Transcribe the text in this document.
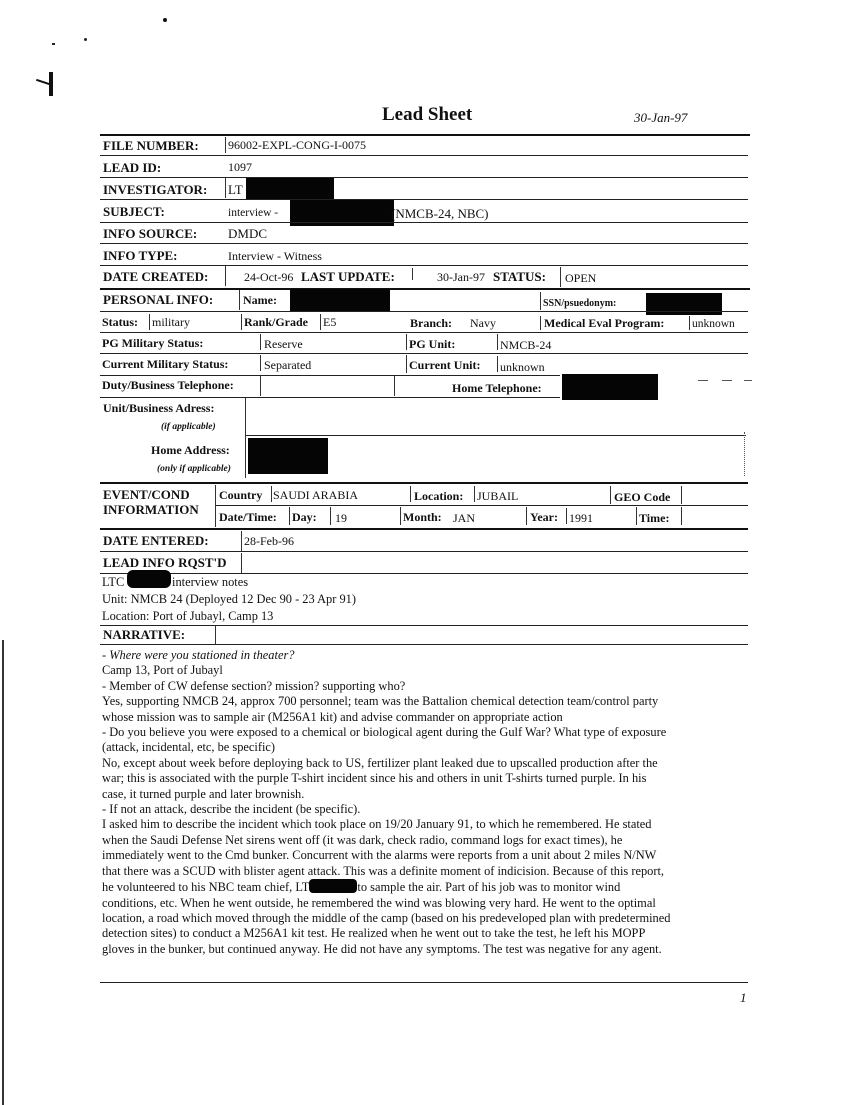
Lead Sheet	30-Jan-97
FILE NUMBER: 96002-EXPL-CONG-I-0075
LEAD ID:	1097
INVESTIGATOR: LT
SUBJECT:	interview -	(NMCB-24, NBC)
INFO SOURCE: DMDC
INFO TYPE:	Interview - Witness
DATE CREATED:	24-Oct-96 LAST UPDATE:	30-Jan-97 STATUS: OPEN
PERSONAL INFO: Name:	SSN/psuedonym:
Status: military	Rank/Grade E5	Branch: Navy	Medical Eval Program: unknown
PG Military Status:	Reserve	PG Unit:	NMCB-24
Current Military Status:	Separated	Current Unit: unknown
Duty/Business Telephone:	Home Telephone:
Unit/Business Adress:
(if applicable)
Home Address:
(only if applicable)
EVENT/COND
INFORMATION
Country SAUDI ARABIA	Location: JUBAIL	GEO Code
Date/Time: Day: 19	Month: JAN	Year: 1991	Time:
DATE ENTERED:	28-Feb-96
LEAD INFO RQST'D
LTC	interview notes
Unit: NMCB 24 (Deployed 12 Dec 90 - 23 Apr 91)
Location: Port of Jubayl, Camp 13
NARRATIVE:
- Where were you stationed in theater?
Camp 13, Port of Jubayl
- Member of CW defense section? mission? supporting who?
Yes, supporting NMCB 24, approx 700 personnel; team was the Battalion chemical detection team/control party
whose mission was to sample air (M256A1 kit) and advise commander on appropriate action
- Do you believe you were exposed to a chemical or biological agent during the Gulf War? What type of exposure
(attack, incidental, etc, be specific)
No, except about week before deploying back to US, fertilizer plant leaked due to upscalled production after the
war; this is associated with the purple T-shirt incident since his and others in unit T-shirts turned purple. In his
case, it turned purple and later brownish.
- If not an attack, describe the incident (be specific).
I asked him to describe the incident which took place on 19/20 January 91, to which he remembered. He stated
when the Saudi Defense Net sirens went off (it was dark, check radio, command logs for exact times), he
immediately went to the Cmd bunker. Concurrent with the alarms were reports from a unit about 2 miles N/NW
that there was a SCUD with blister agent attack. This was a definite moment of indicision. Because of this report,
he volunteered to his NBC team chief, LT	to sample the air. Part of his job was to monitor wind
conditions, etc. When he went outside, he remembered the wind was blowing very hard. He went to the optimal
location, a road which moved through the middle of the camp (based on his predeveloped plan with predetermined
detection sites) to conduct a M256A1 kit test. He realized when he went out to take the test, he left his MOPP
gloves in the bunker, but continued anyway. He did not have any symptoms. The test was negative for any agent.
1
